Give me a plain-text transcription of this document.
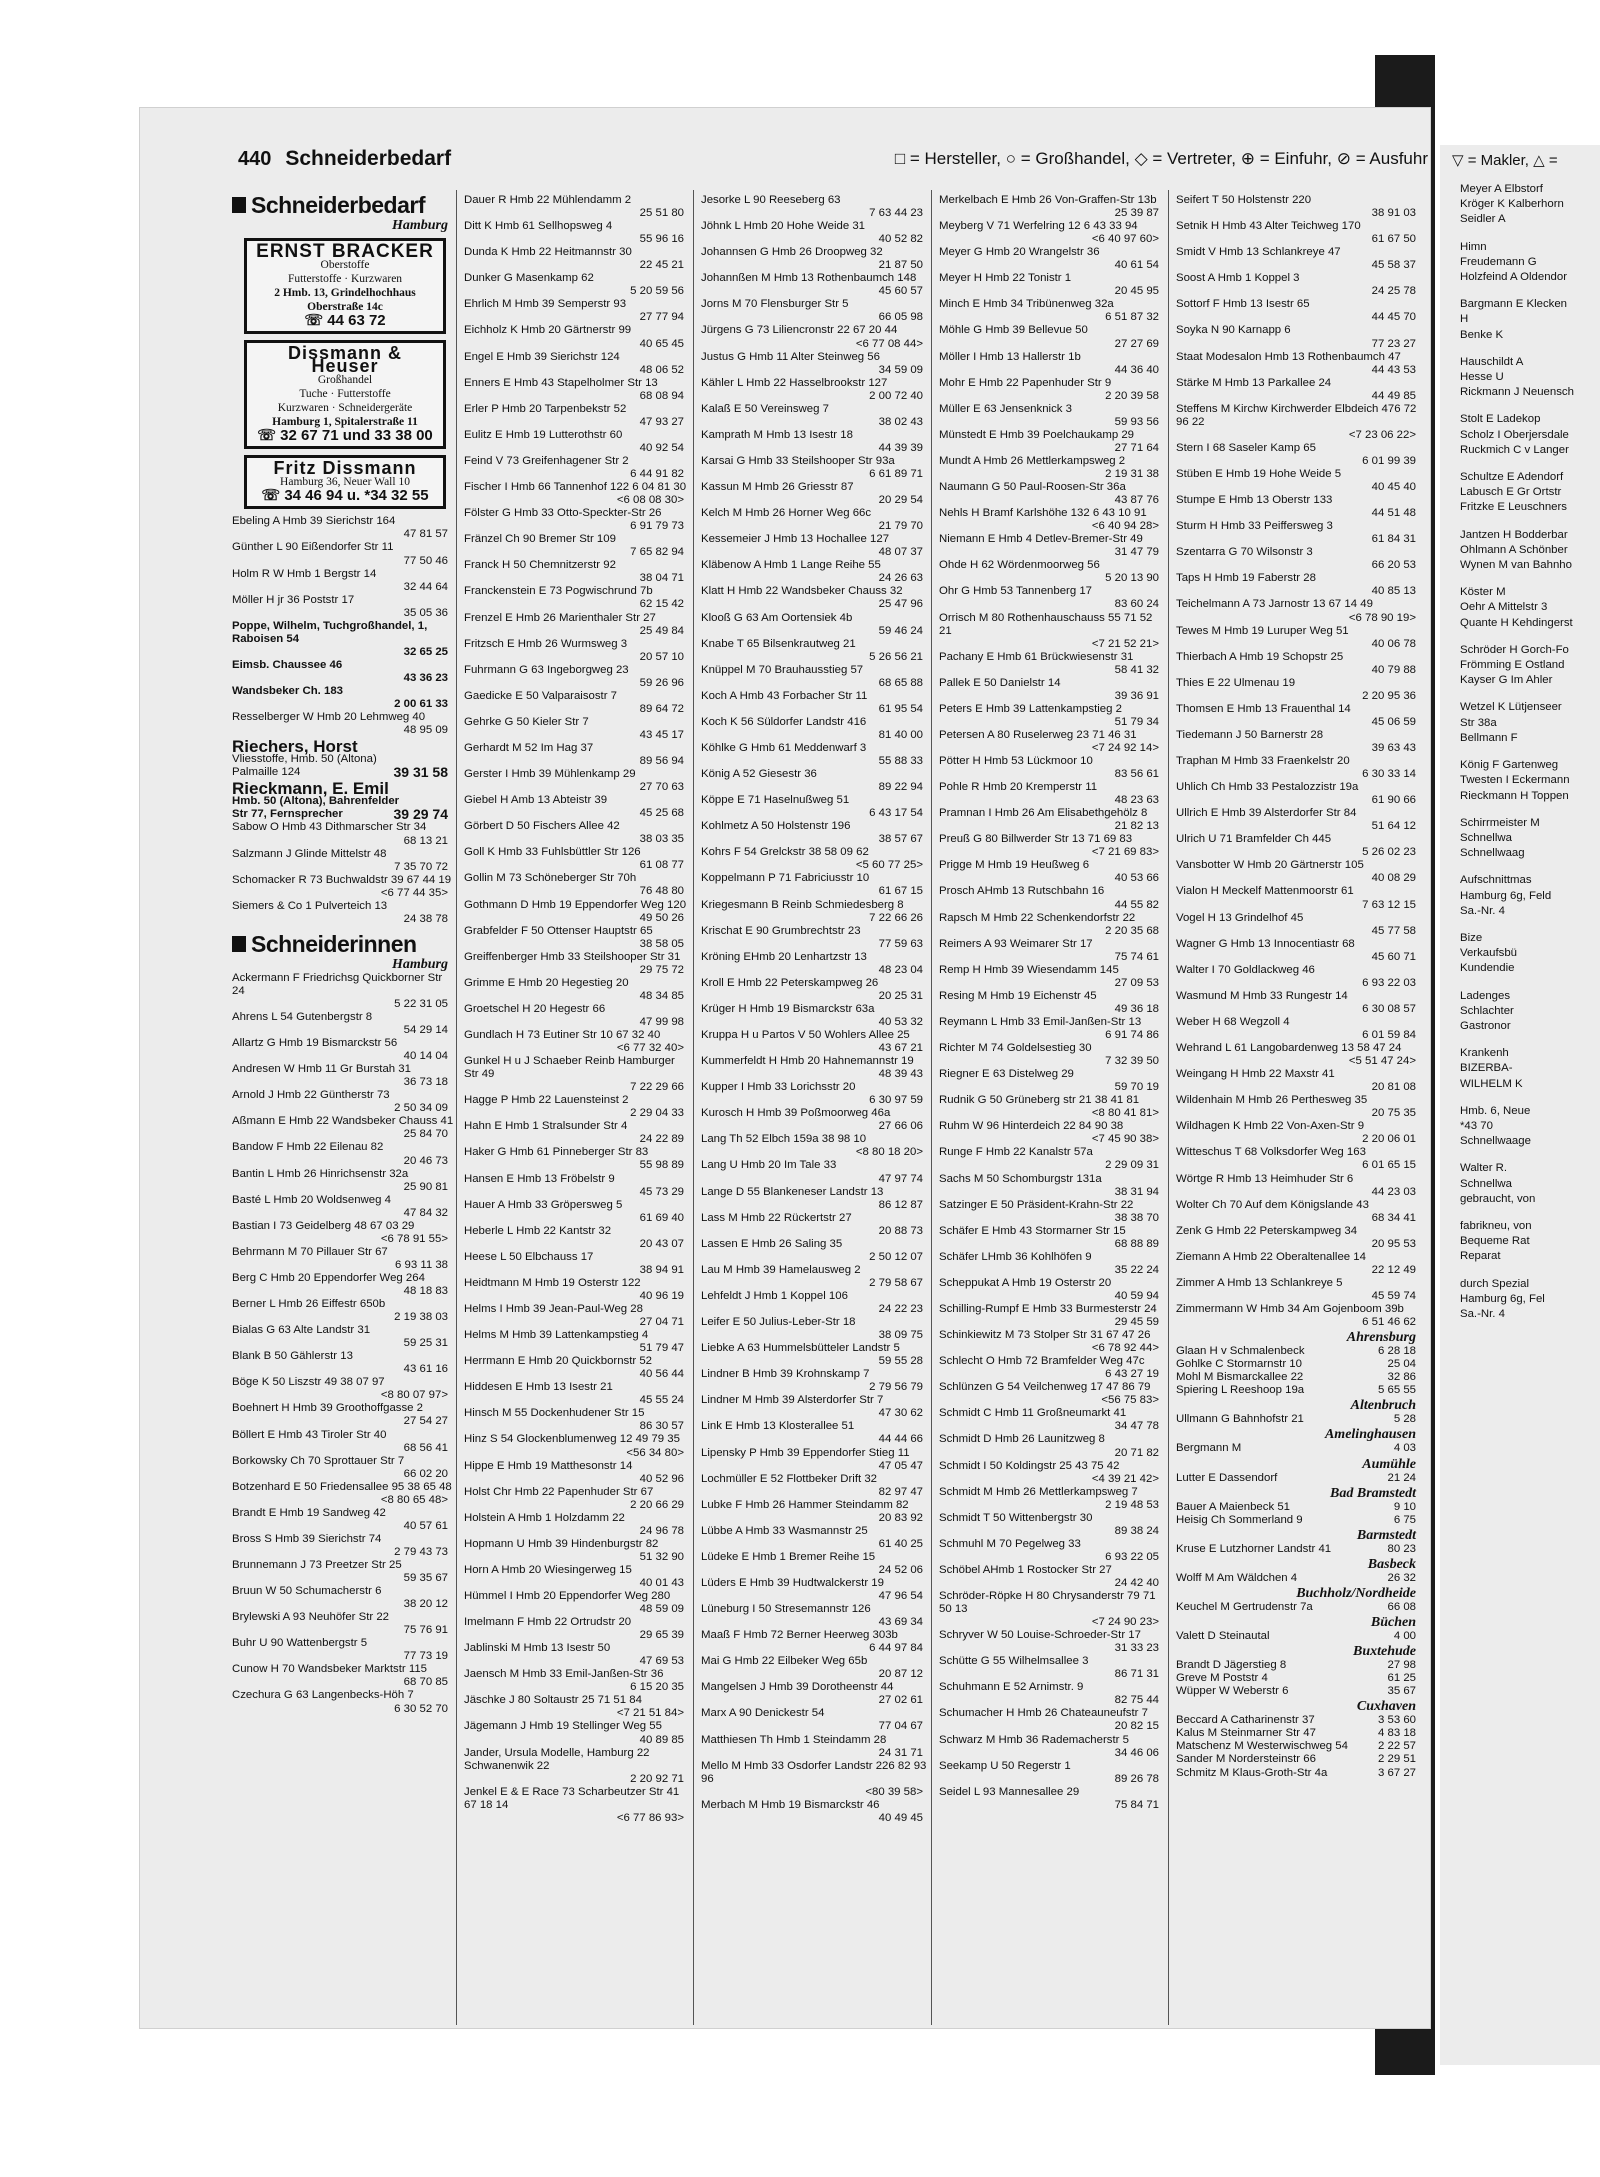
440 Schneiderbedarf	□ = Hersteller, ○ = Großhandel, ◇ = Vertreter, ⊕ = Einfuhr, ⊘ = Ausfuhr
Schneiderbedarf
Hamburg
ERNST BRACKER
Oberstoffe
Futterstoffe · Kurzwaren
2 Hmb. 13, Grindelhochhaus
Oberstraße 14c
☏ 44 63 72
Dissmann & Heuser
Großhandel
Tuche · Futterstoffe
Kurzwaren · Schneidergeräte
Hamburg 1, Spitalerstraße 11
☏ 32 67 71 und 33 38 00
Fritz Dissmann
Hamburg 36, Neuer Wall 10
☏ 34 46 94 u. *34 32 55
Ebeling A Hmb 39 Sierichstr 164
47 81 57
Günther L 90 Eißendorfer Str 11
77 50 46
Holm R W Hmb 1 Bergstr 14
32 44 64
Möller H jr 36 Poststr 17
35 05 36
Poppe, Wilhelm, Tuchgroßhandel, 1, Raboisen 54
32 65 25
Eimsb. Chaussee 46
43 36 23
Wandsbeker Ch. 183
2 00 61 33
Resselberger W Hmb 20 Lehmweg 40
48 95 09
Riechers, Horst
Vliesstoffe, Hmb. 50 (Altona)
Palmaille 124	39 31 58
Rieckmann, E. Emil
Hmb. 50 (Altona), Bahrenfelder
Str 77, Fernsprecher	39 29 74
Sabow O Hmb 43 Dithmarscher Str 34
68 13 21
Salzmann J Glinde Mittelstr 48
7 35 70 72
Schomacker R 73 Buchwaldstr 39 67 44 19
<6 77 44 35>
Siemers & Co 1 Pulverteich 13
24 38 78
Schneiderinnen
Hamburg
Ackermann F Friedrichsg Quickborner Str 24
5 22 31 05
Ahrens L 54 Gutenbergstr 8
54 29 14
Allartz G Hmb 19 Bismarckstr 56
40 14 04
Andresen W Hmb 11 Gr Burstah 31
36 73 18
Arnold J Hmb 22 Güntherstr 73
2 50 34 09
Aßmann E Hmb 22 Wandsbeker Chauss 41
25 84 70
Bandow F Hmb 22 Eilenau 82
20 46 73
Bantin L Hmb 26 Hinrichsenstr 32a
25 90 81
Basté L Hmb 20 Woldsenweg 4
47 84 32
Bastian I 73 Geidelberg 48 67 03 29
<6 78 91 55>
Behrmann M 70 Pillauer Str 67
6 93 11 38
Berg C Hmb 20 Eppendorfer Weg 264
48 18 83
Berner L Hmb 26 Eiffestr 650b
2 19 38 03
Bialas G 63 Alte Landstr 31
59 25 31
Blank B 50 Gählerstr 13
43 61 16
Böge K 50 Liszstr 49 38 07 97
<8 80 07 97>
Boehnert H Hmb 39 Groothoffgasse 2
27 54 27
Böllert E Hmb 43 Tiroler Str 40
68 56 41
Borkowsky Ch 70 Sprottauer Str 7
66 02 20
Botzenhard E 50 Friedensallee 95 38 65 48
<8 80 65 48>
Brandt E Hmb 19 Sandweg 42
40 57 61
Bross S Hmb 39 Sierichstr 74
2 79 43 73
Brunnemann J 73 Preetzer Str 25
59 35 67
Bruun W 50 Schumacherstr 6
38 20 12
Brylewski A 93 Neuhöfer Str 22
75 76 91
Buhr U 90 Wattenbergstr 5
77 73 19
Cunow H 70 Wandsbeker Marktstr 115
68 70 85
Czechura G 63 Langenbecks-Höh 7
6 30 52 70
Dauer R Hmb 22 Mühlendamm 2
25 51 80
Ditt K Hmb 61 Sellhopsweg 4
55 96 16
Dunda K Hmb 22 Heitmannstr 30
22 45 21
Dunker G Masenkamp 62
5 20 59 56
Ehrlich M Hmb 39 Semperstr 93
27 77 94
Eichholz K Hmb 20 Gärtnerstr 99
40 65 45
Engel E Hmb 39 Sierichstr 124
48 06 52
Enners E Hmb 43 Stapelholmer Str 13
68 08 94
Erler P Hmb 20 Tarpenbekstr 52
47 93 27
Eulitz E Hmb 19 Lutterothstr 60
40 92 54
Feind V 73 Greifenhagener Str 2
6 44 91 82
Fischer I Hmb 66 Tannenhof 122 6 04 81 30
<6 08 08 30>
Fölster G Hmb 33 Otto-Speckter-Str 26
6 91 79 73
Fränzel Ch 90 Bremer Str 109
7 65 82 94
Franck H 50 Chemnitzerstr 92
38 04 71
Franckenstein E 73 Pogwischrund 7b
62 15 42
Frenzel E Hmb 26 Marienthaler Str 27
25 49 84
Fritzsch E Hmb 26 Wurmsweg 3
20 57 10
Fuhrmann G 63 Ingeborgweg 23
59 26 96
Gaedicke E 50 Valparaisostr 7
89 64 72
Gehrke G 50 Kieler Str 7
43 45 17
Gerhardt M 52 Im Hag 37
89 56 94
Gerster I Hmb 39 Mühlenkamp 29
27 70 63
Giebel H Amb 13 Abteistr 39
45 25 68
Görbert D 50 Fischers Allee 42
38 03 35
Goll K Hmb 33 Fuhlsbüttler Str 126
61 08 77
Gollin M 73 Schöneberger Str 70h
76 48 80
Gothmann D Hmb 19 Eppendorfer Weg 120
49 50 26
Grabfelder F 50 Ottenser Hauptstr 65
38 58 05
Greiffenberger Hmb 33 Steilshooper Str 31
29 75 72
Grimme E Hmb 20 Hegestieg 20
48 34 85
Groetschel H 20 Hegestr 66
47 99 98
Gundlach H 73 Eutiner Str 10 67 32 40
<6 77 32 40>
Gunkel H u J Schaeber Reinb Hamburger Str 49
7 22 29 66
Hagge P Hmb 22 Lauensteinst 2
2 29 04 33
Hahn E Hmb 1 Stralsunder Str 4
24 22 89
Haker G Hmb 61 Pinneberger Str 83
55 98 89
Hansen E Hmb 13 Fröbelstr 9
45 73 29
Hauer A Hmb 33 Gröpersweg 5
61 69 40
Heberle L Hmb 22 Kantstr 32
20 43 07
Heese L 50 Elbchauss 17
38 94 91
Heidtmann M Hmb 19 Osterstr 122
40 96 19
Helms I Hmb 39 Jean-Paul-Weg 28
27 04 71
Helms M Hmb 39 Lattenkampstieg 4
51 79 47
Herrmann E Hmb 20 Quickbornstr 52
40 56 44
Hiddesen E Hmb 13 Isestr 21
45 55 24
Hinsch M 55 Dockenhudener Str 15
86 30 57
Hinz S 54 Glockenblumenweg 12 49 79 35
<56 34 80>
Hippe E Hmb 19 Matthesonstr 14
40 52 96
Holst Chr Hmb 22 Papenhuder Str 67
2 20 66 29
Holstein A Hmb 1 Holzdamm 22
24 96 78
Hopmann U Hmb 39 Hindenburgstr 82
51 32 90
Horn A Hmb 20 Wiesingerweg 15
40 01 43
Hümmel I Hmb 20 Eppendorfer Weg 280
48 59 09
Imelmann F Hmb 22 Ortrudstr 20
29 65 39
Jablinski M Hmb 13 Isestr 50
47 69 53
Jaensch M Hmb 33 Emil-Janßen-Str 36
6 15 20 35
Jäschke J 80 Soltaustr 25 71 51 84
<7 21 51 84>
Jägemann J Hmb 19 Stellinger Weg 55
40 89 85
Jander, Ursula Modelle, Hamburg 22 Schwanenwik 22
2 20 92 71
Jenkel E & E Race 73 Scharbeutzer Str 41 67 18 14
<6 77 86 93>
Jesorke L 90 Reeseberg 63
7 63 44 23
Jöhnk L Hmb 20 Hohe Weide 31
40 52 82
Johannsen G Hmb 26 Droopweg 32
21 87 50
Johannßen M Hmb 13 Rothenbaumch 148
45 60 57
Jorns M 70 Flensburger Str 5
66 05 98
Jürgens G 73 Liliencronstr 22 67 20 44
<6 77 08 44>
Justus G Hmb 11 Alter Steinweg 56
34 59 09
Kähler L Hmb 22 Hasselbrookstr 127
2 00 72 40
Kalaß E 50 Vereinsweg 7
38 02 43
Kamprath M Hmb 13 Isestr 18
44 39 39
Karsai G Hmb 33 Steilshooper Str 93a
6 61 89 71
Kassun M Hmb 26 Griesstr 87
20 29 54
Kelch M Hmb 26 Horner Weg 66c
21 79 70
Kessemeier J Hmb 13 Hochallee 127
48 07 37
Kläbenow A Hmb 1 Lange Reihe 55
24 26 63
Klatt H Hmb 22 Wandsbeker Chauss 32
25 47 96
Klooß G 63 Am Oortensiek 4b
59 46 24
Knabe T 65 Bilsenkrautweg 21
5 26 56 21
Knüppel M 70 Brauhausstieg 57
68 65 88
Koch A Hmb 43 Forbacher Str 11
61 95 54
Koch K 56 Süldorfer Landstr 416
81 40 00
Köhlke G Hmb 61 Meddenwarf 3
55 88 33
König A 52 Giesestr 36
89 22 94
Köppe E 71 Haselnußweg 51
6 43 17 54
Kohlmetz A 50 Holstenstr 196
38 57 67
Kohrs F 54 Grelckstr 38 58 09 62
<5 60 77 25>
Koppelmann P 71 Fabriciusstr 10
61 67 15
Kriegesmann B Reinb Schmiedesberg 8
7 22 66 26
Krischat E 90 Grumbrechtstr 23
77 59 63
Kröning EHmb 20 Lenhartzstr 13
48 23 04
Kroll E Hmb 22 Peterskampweg 26
20 25 31
Krüger H Hmb 19 Bismarckstr 63a
40 53 32
Kruppa H u Partos V 50 Wohlers Allee 25
43 67 21
Kummerfeldt H Hmb 20 Hahnemannstr 19
48 39 43
Kupper I Hmb 33 Lorichsstr 20
6 30 97 59
Kurosch H Hmb 39 Poßmoorweg 46a
27 66 06
Lang Th 52 Elbch 159a 38 98 10
<8 80 18 20>
Lang U Hmb 20 Im Tale 33
47 97 74
Lange D 55 Blankeneser Landstr 13
86 12 87
Lass M Hmb 22 Rückertstr 27
20 88 73
Lassen E Hmb 26 Saling 35
2 50 12 07
Lau M Hmb 39 Hamelausweg 2
2 79 58 67
Lehfeldt J Hmb 1 Koppel 106
24 22 23
Leifer E 50 Julius-Leber-Str 18
38 09 75
Liebke A 63 Hummelsbütteler Landstr 5
59 55 28
Lindner B Hmb 39 Krohnskamp 7
2 79 56 79
Lindner M Hmb 39 Alsterdorfer Str 7
47 30 62
Link E Hmb 13 Klosterallee 51
44 44 66
Lipensky P Hmb 39 Eppendorfer Stieg 11
47 05 47
Lochmüller E 52 Flottbeker Drift 32
82 97 47
Lubke F Hmb 26 Hammer Steindamm 82
20 83 92
Lübbe A Hmb 33 Wasmannstr 25
61 40 25
Lüdeke E Hmb 1 Bremer Reihe 15
24 52 06
Lüders E Hmb 39 Hudtwalckerstr 19
47 96 54
Lüneburg I 50 Stresemannstr 126
43 69 34
Maaß F Hmb 72 Berner Heerweg 303b
6 44 97 84
Mai G Hmb 22 Eilbeker Weg 65b
20 87 12
Mangelsen J Hmb 39 Dorotheenstr 44
27 02 61
Marx A 90 Denickestr 54
77 04 67
Matthiesen Th Hmb 1 Steindamm 28
24 31 71
Mello M Hmb 33 Osdorfer Landstr 226 82 93 96
<80 39 58>
Merbach M Hmb 19 Bismarckstr 46
40 49 45
Merkelbach E Hmb 26 Von-Graffen-Str 13b
25 39 87
Meyberg V 71 Werfelring 12 6 43 33 94
<6 40 97 60>
Meyer G Hmb 20 Wrangelstr 36
40 61 54
Meyer H Hmb 22 Tonistr 1
20 45 95
Minch E Hmb 34 Tribünenweg 32a
6 51 87 32
Möhle G Hmb 39 Bellevue 50
27 27 69
Möller I Hmb 13 Hallerstr 1b
44 36 40
Mohr E Hmb 22 Papenhuder Str 9
2 20 39 58
Müller E 63 Jensenknick 3
59 93 56
Münstedt E Hmb 39 Poelchaukamp 29
27 71 64
Mundt A Hmb 26 Mettlerkampsweg 2
2 19 31 38
Naumann G 50 Paul-Roosen-Str 36a
43 87 76
Nehls H Bramf Karlshöhe 132 6 43 10 91
<6 40 94 28>
Niemann E Hmb 4 Detlev-Bremer-Str 49
31 47 79
Ohde H 62 Wördenmoorweg 56
5 20 13 90
Ohr G Hmb 53 Tannenberg 17
83 60 24
Orrisch M 80 Rothenhauschauss 55 71 52 21
<7 21 52 21>
Pachany E Hmb 61 Brückwiesenstr 31
58 41 32
Pallek E 50 Danielstr 14
39 36 91
Peters E Hmb 39 Lattenkampstieg 2
51 79 34
Petersen A 80 Ruselerweg 23 71 46 31
<7 24 92 14>
Pötter H Hmb 53 Lückmoor 10
83 56 61
Pohle R Hmb 20 Kremperstr 11
48 23 63
Pramnan I Hmb 26 Am Elisabethgehölz 8
21 82 13
Preuß G 80 Billwerder Str 13 71 69 83
<7 21 69 83>
Prigge M Hmb 19 Heußweg 6
40 53 66
Prosch AHmb 13 Rutschbahn 16
44 55 82
Rapsch M Hmb 22 Schenkendorfstr 22
2 20 35 68
Reimers A 93 Weimarer Str 17
75 74 61
Remp H Hmb 39 Wiesendamm 145
27 09 53
Resing M Hmb 19 Eichenstr 45
49 36 18
Reymann L Hmb 33 Emil-Janßen-Str 13
6 91 74 86
Richter M 74 Goldelsestieg 30
7 32 39 50
Riegner E 63 Distelweg 29
59 70 19
Rudnik G 50 Grüneberg str 21 38 41 81
<8 80 41 81>
Ruhm W 96 Hinterdeich 22 84 90 38
<7 45 90 38>
Runge F Hmb 22 Kanalstr 57a
2 29 09 31
Sachs M 50 Schomburgstr 131a
38 31 94
Satzinger E 50 Präsident-Krahn-Str 22
38 38 70
Schäfer E Hmb 43 Stormarner Str 15
68 88 89
Schäfer LHmb 36 Kohlhöfen 9
35 22 24
Scheppukat A Hmb 19 Osterstr 20
40 59 94
Schilling-Rumpf E Hmb 33 Burmesterstr 24
29 45 59
Schinkiewitz M 73 Stolper Str 31 67 47 26
<6 78 92 44>
Schlecht O Hmb 72 Bramfelder Weg 47c
6 43 27 19
Schlünzen G 54 Veilchenweg 17 47 86 79
<56 75 83>
Schmidt C Hmb 11 Großneumarkt 41
34 47 78
Schmidt D Hmb 26 Launitzweg 8
20 71 82
Schmidt I 50 Koldingstr 25 43 75 42
<4 39 21 42>
Schmidt M Hmb 26 Mettlerkampsweg 7
2 19 48 53
Schmidt T 50 Wittenbergstr 30
89 38 24
Schmuhl M 70 Pegelweg 33
6 93 22 05
Schöbel AHmb 1 Rostocker Str 27
24 42 40
Schröder-Röpke H 80 Chrysanderstr 79 71 50 13
<7 24 90 23>
Schryver W 50 Louise-Schroeder-Str 17
31 33 23
Schütte G 55 Wilhelmsallee 3
86 71 31
Schuhmann E 52 Arnimstr. 9
82 75 44
Schumacher H Hmb 26 Chateauneufstr 7
20 82 15
Schwarz M Hmb 36 Rademacherstr 5
34 46 06
Seekamp U 50 Regerstr 1
89 26 78
Seidel L 93 Mannesallee 29
75 84 71
Seifert T 50 Holstenstr 220
38 91 03
Setnik H Hmb 43 Alter Teichweg 170
61 67 50
Smidt V Hmb 13 Schlankreye 47
45 58 37
Soost A Hmb 1 Koppel 3
24 25 78
Sottorf F Hmb 13 Isestr 65
44 45 70
Soyka N 90 Karnapp 6
77 23 27
Staat Modesalon Hmb 13 Rothenbaumch 47
44 43 53
Stärke M Hmb 13 Parkallee 24
44 49 85
Steffens M Kirchw Kirchwerder Elbdeich 476 72 96 22
<7 23 06 22>
Stern I 68 Saseler Kamp 65
6 01 99 39
Stüben E Hmb 19 Hohe Weide 5
40 45 40
Stumpe E Hmb 13 Oberstr 133
44 51 48
Sturm H Hmb 33 Peiffersweg 3
61 84 31
Szentarra G 70 Wilsonstr 3
66 20 53
Taps H Hmb 19 Faberstr 28
40 85 13
Teichelmann A 73 Jarnostr 13 67 14 49
<6 78 90 19>
Tewes M Hmb 19 Luruper Weg 51
40 06 78
Thierbach A Hmb 19 Schopstr 25
40 79 88
Thies E 22 Ulmenau 19
2 20 95 36
Thomsen E Hmb 13 Frauenthal 14
45 06 59
Tiedemann J 50 Barnerstr 28
39 63 43
Traphan M Hmb 33 Fraenkelstr 20
6 30 33 14
Uhlich Ch Hmb 33 Pestalozzistr 19a
61 90 66
Ullrich E Hmb 39 Alsterdorfer Str 84
51 64 12
Ulrich U 71 Bramfelder Ch 445
5 26 02 23
Vansbotter W Hmb 20 Gärtnerstr 105
40 08 29
Vialon H Meckelf Mattenmoorstr 61
7 63 12 15
Vogel H 13 Grindelhof 45
45 77 58
Wagner G Hmb 13 Innocentiastr 68
45 60 71
Walter I 70 Goldlackweg 46
6 93 22 03
Wasmund M Hmb 33 Rungestr 14
6 30 08 57
Weber H 68 Wegzoll 4
6 01 59 84
Wehrand L 61 Langobardenweg 13 58 47 24
<5 51 47 24>
Weingang H Hmb 22 Maxstr 41
20 81 08
Wildenhain M Hmb 26 Perthesweg 35
20 75 35
Wildhagen K Hmb 22 Von-Axen-Str 9
2 20 06 01
Witteschus T 68 Volksdorfer Weg 163
6 01 65 15
Wörtge R Hmb 13 Heimhuder Str 6
44 23 03
Wolter Ch 70 Auf dem Königslande 43
68 34 41
Zenk G Hmb 22 Peterskampweg 34
20 95 53
Ziemann A Hmb 22 Oberaltenallee 14
22 12 49
Zimmer A Hmb 13 Schlankreye 5
45 59 74
Zimmermann W Hmb 34 Am Gojenboom 39b
6 51 46 62
Ahrensburg
Glaan H v Schmalenbeck	6 28 18
Gohlke C Stormarnstr 10	25 04
Mohl M Bismarckallee 22	32 86
Spiering L Reeshoop 19a	5 65 55
Altenbruch
Ullmann G Bahnhofstr 21	5 28
Amelinghausen
Bergmann M	4 03
Aumühle
Lutter E Dassendorf	21 24
Bad Bramstedt
Bauer A Maienbeck 51	9 10
Heisig Ch Sommerland 9	6 75
Barmstedt
Kruse E Lutzhorner Landstr 41	80 23
Basbeck
Wolff M Am Wäldchen 4	26 32
Buchholz/Nordheide
Keuchel M Gertrudenstr 7a	66 08
Büchen
Valett D Steinautal	4 00
Buxtehude
Brandt D Jägerstieg 8	27 98
Greve M Poststr 4	61 25
Wüpper W Weberstr 6	35 67
Cuxhaven
Beccard A Catharinenstr 37	3 53 60
Kalus M Steinmarner Str 47	4 83 18
Matschenz M Westerwischweg 54	2 22 57
Sander M Nordersteinstr 66	2 29 51
Schmitz M Klaus-Groth-Str 4a	3 67 27
▽ = Makler, △ =
Meyer A Elbstorf
Kröger K Kalberhorn
Seidler A
Himn
Freudemann G
Holzfeind A Oldendor
Bargmann E Klecken
H
Benke K
Hauschildt A
Hesse U
Rickmann J Neuensch
Stolt E Ladekop
Scholz I Oberjersdale
Ruckmich C v Langer
Schultze E Adendorf
Labusch E Gr Ortstr
Fritzke E Leuschners
Jantzen H Bodderbar
Ohlmann A Schönber
Wynen M van Bahnho
Köster M
Oehr A Mittelstr 3
Quante H Kehdingerst
Schröder H Gorch-Fo
Frömming E Ostland
Kayser G Im Ahler
Wetzel K Lütjenseer
Str 38a
Bellmann F
König F Gartenweg
Twesten I Eckermann
Rieckmann H Toppen
Schirrmeister M
Schnellwa
Schnellwaag
Aufschnittmas
Hamburg 6g, Feld
Sa.-Nr. 4
Bize
Verkaufsbü
Kundendie
Ladenges
Schlachter
Gastronor
Krankenh
BIZERBA-
WILHELM K
Hmb. 6, Neue
*43 70
Schnellwaage
Walter R.
Schnellwa
gebraucht, von
fabrikneu, von
Bequeme Rat
Reparat
durch Spezial
Hamburg 6g, Fel
Sa.-Nr. 4
